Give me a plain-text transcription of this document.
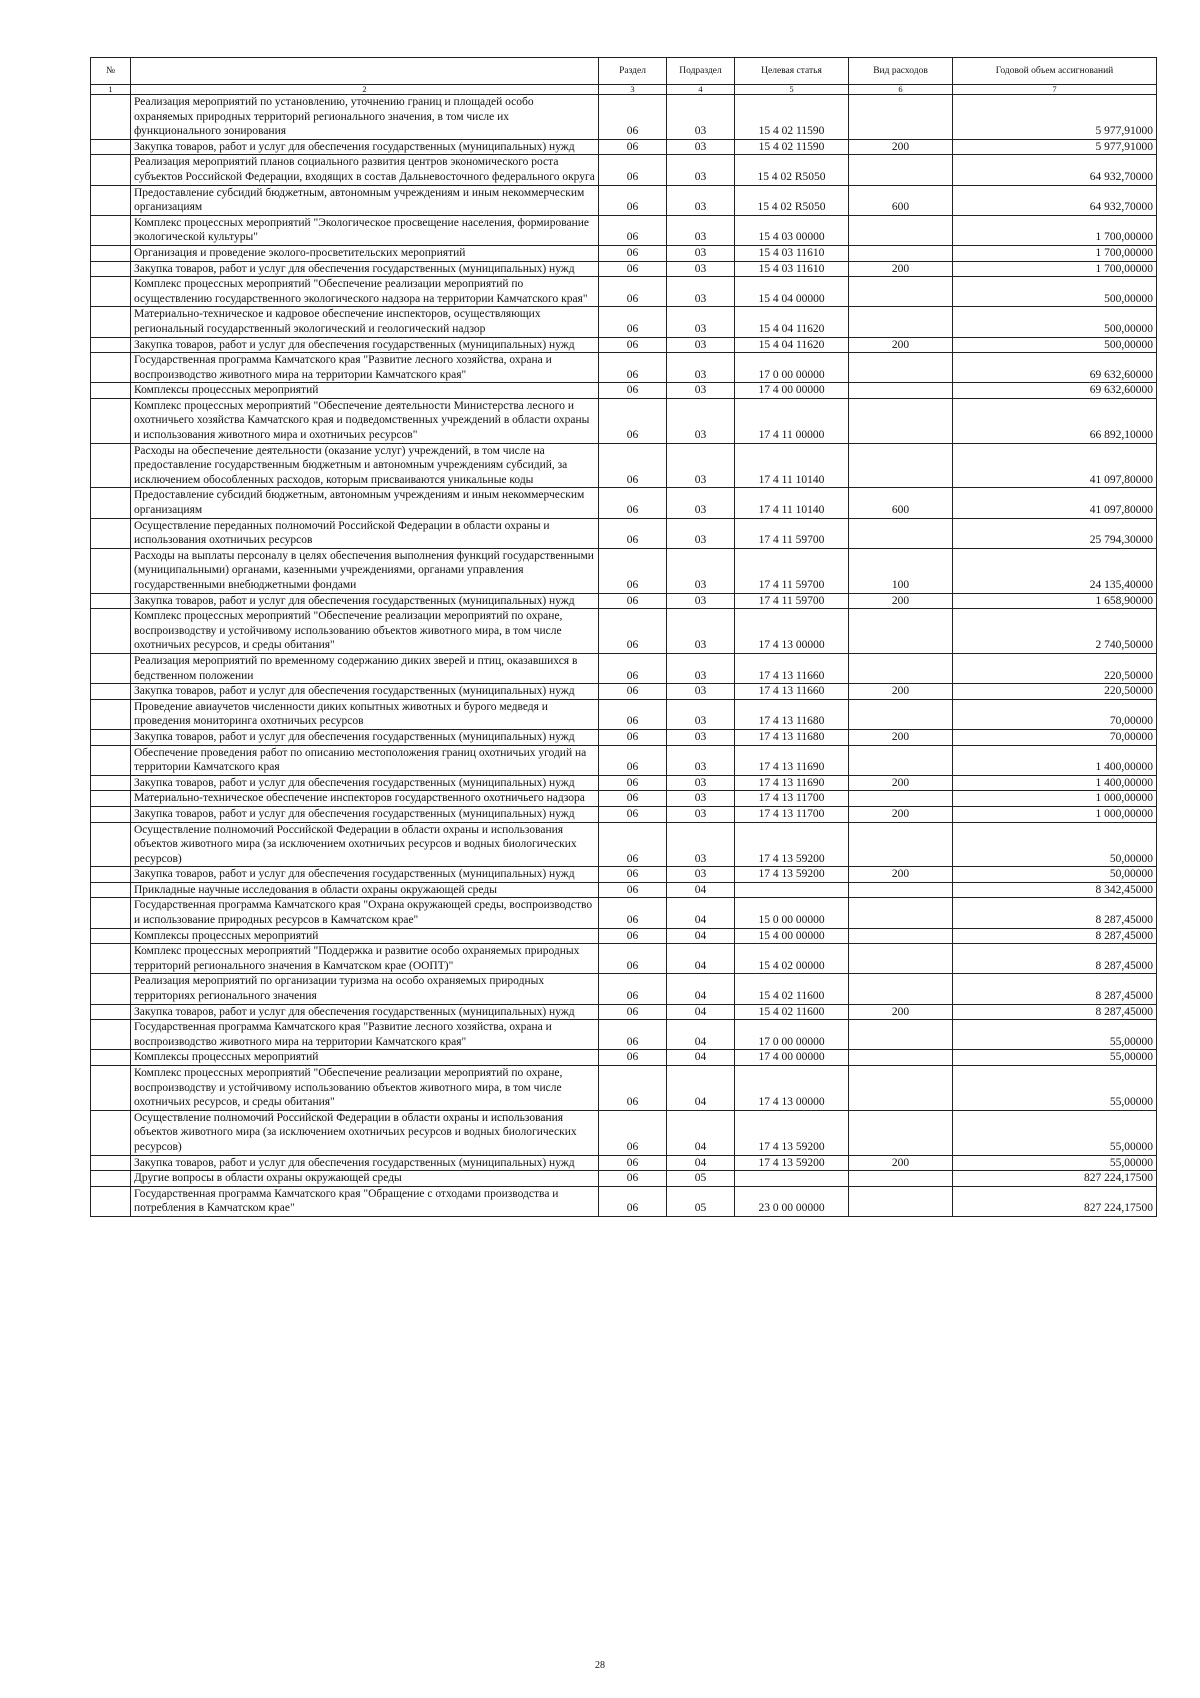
№		Раздел	Подраздел	Целевая статья	Вид расходов	Годовой объем ассигнований
1	2	3	4	5	6	7
	Реализация мероприятий по установлению, уточнению границ и площадей особо охраняемых природных территорий регионального значения, в том числе их функционального зонирования	06	03	15 4 02 11590		5 977,91000
	Закупка товаров, работ и услуг для обеспечения государственных (муниципальных) нужд	06	03	15 4 02 11590	200	5 977,91000
	Реализация мероприятий планов социального развития центров экономического роста субъектов Российской Федерации, входящих в состав Дальневосточного федерального округа	06	03	15 4 02 R5050		64 932,70000
	Предоставление субсидий бюджетным, автономным учреждениям и иным некоммерческим организациям	06	03	15 4 02 R5050	600	64 932,70000
	Комплекс процессных мероприятий "Экологическое просвещение населения, формирование экологической культуры"	06	03	15 4 03 00000		1 700,00000
	Организация и проведение эколого-просветительских мероприятий	06	03	15 4 03 11610		1 700,00000
	Закупка товаров, работ и услуг для обеспечения государственных (муниципальных) нужд	06	03	15 4 03 11610	200	1 700,00000
	Комплекс процессных мероприятий "Обеспечение реализации мероприятий по осуществлению государственного экологического надзора на территории Камчатского края"	06	03	15 4 04 00000		500,00000
	Материально-техническое и кадровое обеспечение инспекторов, осуществляющих региональный государственный экологический и геологический надзор	06	03	15 4 04 11620		500,00000
	Закупка товаров, работ и услуг для обеспечения государственных (муниципальных) нужд	06	03	15 4 04 11620	200	500,00000
	Государственная программа Камчатского края "Развитие лесного хозяйства, охрана и воспроизводство животного мира на территории Камчатского края"	06	03	17 0 00 00000		69 632,60000
	Комплексы процессных мероприятий	06	03	17 4 00 00000		69 632,60000
	Комплекс процессных мероприятий "Обеспечение деятельности Министерства лесного и охотничьего хозяйства Камчатского края и подведомственных учреждений в области охраны и использования животного мира и охотничьих ресурсов"	06	03	17 4 11 00000		66 892,10000
	Расходы на обеспечение деятельности (оказание услуг) учреждений, в том числе на предоставление государственным бюджетным и автономным учреждениям субсидий, за исключением обособленных расходов, которым присваиваются уникальные коды	06	03	17 4 11 10140		41 097,80000
	Предоставление субсидий бюджетным, автономным учреждениям и иным некоммерческим организациям	06	03	17 4 11 10140	600	41 097,80000
	Осуществление переданных полномочий Российской Федерации в области охраны и использования охотничьих ресурсов	06	03	17 4 11 59700		25 794,30000
	Расходы на выплаты персоналу в целях обеспечения выполнения функций государственными (муниципальными) органами, казенными учреждениями, органами управления государственными внебюджетными фондами	06	03	17 4 11 59700	100	24 135,40000
	Закупка товаров, работ и услуг для обеспечения государственных (муниципальных) нужд	06	03	17 4 11 59700	200	1 658,90000
	Комплекс процессных мероприятий "Обеспечение реализации мероприятий по охране, воспроизводству и устойчивому использованию объектов животного мира, в том числе охотничьих ресурсов, и среды обитания"	06	03	17 4 13 00000		2 740,50000
	Реализация мероприятий по временному содержанию диких зверей и птиц, оказавшихся в бедственном положении	06	03	17 4 13 11660		220,50000
	Закупка товаров, работ и услуг для обеспечения государственных (муниципальных) нужд	06	03	17 4 13 11660	200	220,50000
	Проведение авиаучетов численности диких копытных животных и бурого медведя и проведения мониторинга охотничьих ресурсов	06	03	17 4 13 11680		70,00000
	Закупка товаров, работ и услуг для обеспечения государственных (муниципальных) нужд	06	03	17 4 13 11680	200	70,00000
	Обеспечение проведения работ по описанию местоположения границ охотничьих угодий на территории Камчатского края	06	03	17 4 13 11690		1 400,00000
	Закупка товаров, работ и услуг для обеспечения государственных (муниципальных) нужд	06	03	17 4 13 11690	200	1 400,00000
	Материально-техническое обеспечение инспекторов государственного охотничьего надзора	06	03	17 4 13 11700		1 000,00000
	Закупка товаров, работ и услуг для обеспечения государственных (муниципальных) нужд	06	03	17 4 13 11700	200	1 000,00000
	Осуществление полномочий Российской Федерации в области охраны и использования объектов животного мира (за исключением охотничьих ресурсов и водных биологических ресурсов)	06	03	17 4 13 59200		50,00000
	Закупка товаров, работ и услуг для обеспечения государственных (муниципальных) нужд	06	03	17 4 13 59200	200	50,00000
	Прикладные научные исследования в области охраны окружающей среды	06	04			8 342,45000
	Государственная программа Камчатского края "Охрана окружающей среды, воспроизводство и использование природных ресурсов в Камчатском крае"	06	04	15 0 00 00000		8 287,45000
	Комплексы процессных мероприятий	06	04	15 4 00 00000		8 287,45000
	Комплекс процессных мероприятий "Поддержка и развитие особо охраняемых природных территорий регионального значения в Камчатском крае (ООПТ)"	06	04	15 4 02 00000		8 287,45000
	Реализация мероприятий по организации туризма на особо охраняемых природных территориях регионального значения	06	04	15 4 02 11600		8 287,45000
	Закупка товаров, работ и услуг для обеспечения государственных (муниципальных) нужд	06	04	15 4 02 11600	200	8 287,45000
	Государственная программа Камчатского края "Развитие лесного хозяйства, охрана и воспроизводство животного мира на территории Камчатского края"	06	04	17 0 00 00000		55,00000
	Комплексы процессных мероприятий	06	04	17 4 00 00000		55,00000
	Комплекс процессных мероприятий "Обеспечение реализации мероприятий по охране, воспроизводству и устойчивому использованию объектов животного мира, в том числе охотничьих ресурсов, и среды обитания"	06	04	17 4 13 00000		55,00000
	Осуществление полномочий Российской Федерации в области охраны и использования объектов животного мира (за исключением охотничьих ресурсов и водных биологических ресурсов)	06	04	17 4 13 59200		55,00000
	Закупка товаров, работ и услуг для обеспечения государственных (муниципальных) нужд	06	04	17 4 13 59200	200	55,00000
	Другие вопросы в области охраны окружающей среды	06	05			827 224,17500
	Государственная программа Камчатского края "Обращение с отходами производства и потребления в Камчатском крае"	06	05	23 0 00 00000		827 224,17500
28
